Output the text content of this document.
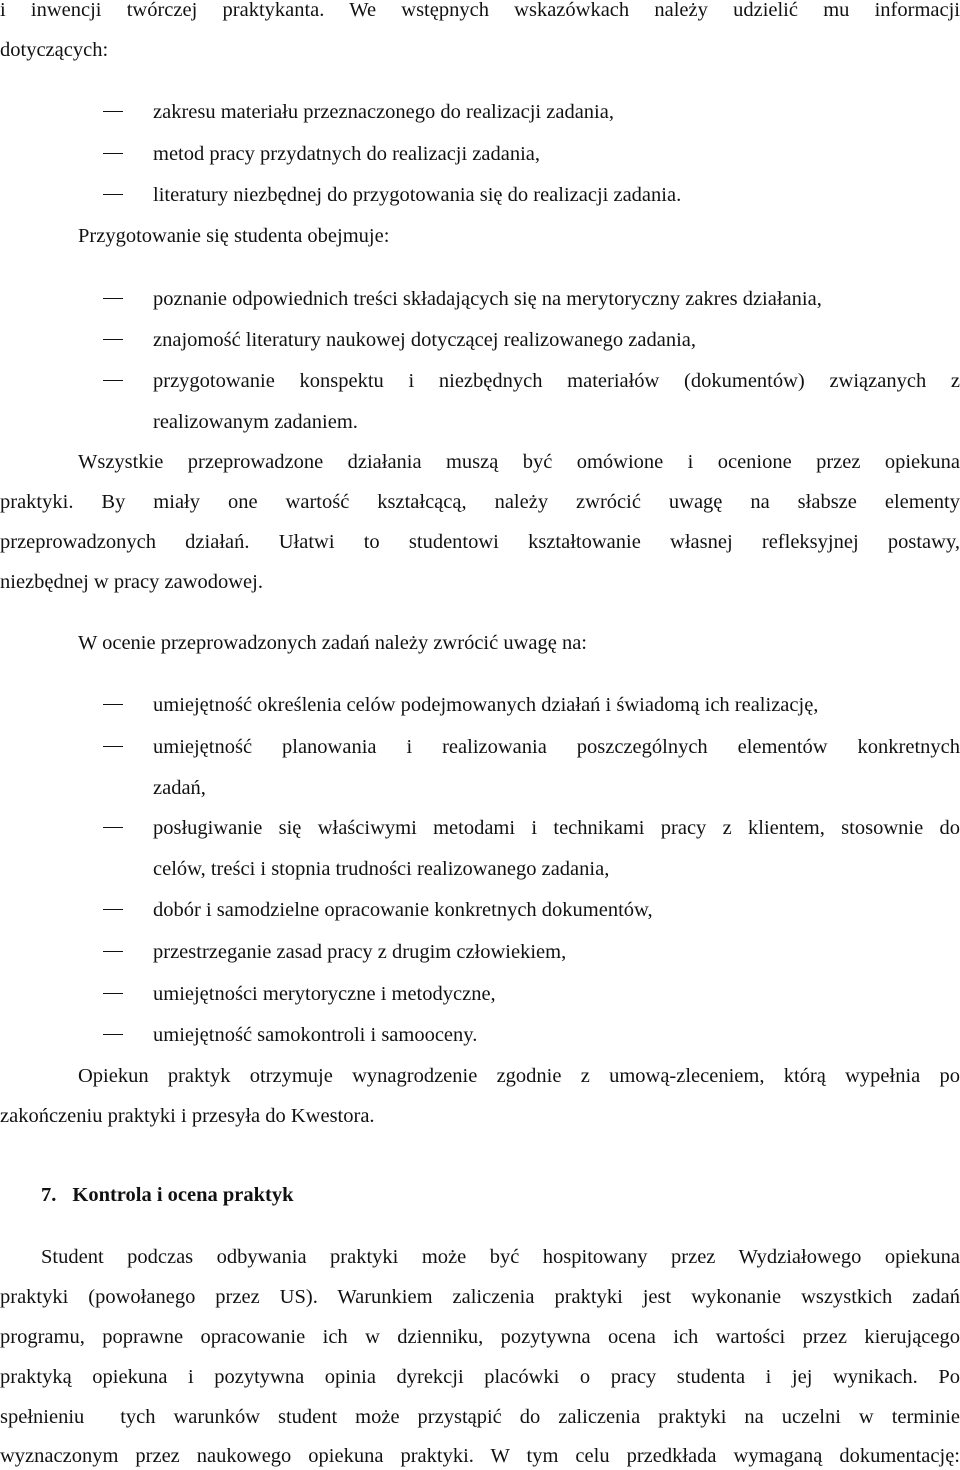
i inwencji twórczej praktykanta. We wstępnych wskazówkach należy udzielić mu informacji
dotyczących:
zakresu materiału przeznaczonego do realizacji zadania,
metod pracy przydatnych do realizacji zadania,
literatury niezbędnej do przygotowania się do realizacji zadania.
Przygotowanie się studenta obejmuje:
poznanie odpowiednich treści składających się na merytoryczny zakres działania,
znajomość literatury naukowej dotyczącej realizowanego zadania,
przygotowanie konspektu i niezbędnych materiałów (dokumentów) związanych z
realizowanym zadaniem.
Wszystkie przeprowadzone działania muszą być omówione i ocenione przez opiekuna
praktyki. By miały one wartość kształcącą, należy zwrócić uwagę na słabsze elementy
przeprowadzonych działań. Ułatwi to studentowi kształtowanie własnej refleksyjnej postawy,
niezbędnej w pracy zawodowej.
W ocenie przeprowadzonych zadań należy zwrócić uwagę na:
umiejętność określenia celów podejmowanych działań i świadomą ich realizację,
umiejętność planowania i realizowania poszczególnych elementów konkretnych
zadań,
posługiwanie się właściwymi metodami i technikami pracy z klientem, stosownie do
celów, treści i stopnia trudności realizowanego zadania,
dobór i samodzielne opracowanie konkretnych dokumentów,
przestrzeganie zasad pracy z drugim człowiekiem,
umiejętności merytoryczne i metodyczne,
umiejętność samokontroli i samooceny.
Opiekun praktyk otrzymuje wynagrodzenie zgodnie z umową-zleceniem, którą wypełnia po
zakończeniu praktyki i przesyła do Kwestora.
7. Kontrola i ocena praktyk
Student podczas odbywania praktyki może być hospitowany przez Wydziałowego opiekuna
praktyki (powołanego przez US). Warunkiem zaliczenia praktyki jest wykonanie wszystkich zadań
programu, poprawne opracowanie ich w dzienniku, pozytywna ocena ich wartości przez kierującego
praktyką opiekuna i pozytywna opinia dyrekcji placówki o pracy studenta i jej wynikach. Po
spełnieniu  tych warunków student może przystąpić do zaliczenia praktyki na uczelni w terminie
wyznaczonym przez naukowego opiekuna praktyki. W tym celu przedkłada wymaganą dokumentację:
